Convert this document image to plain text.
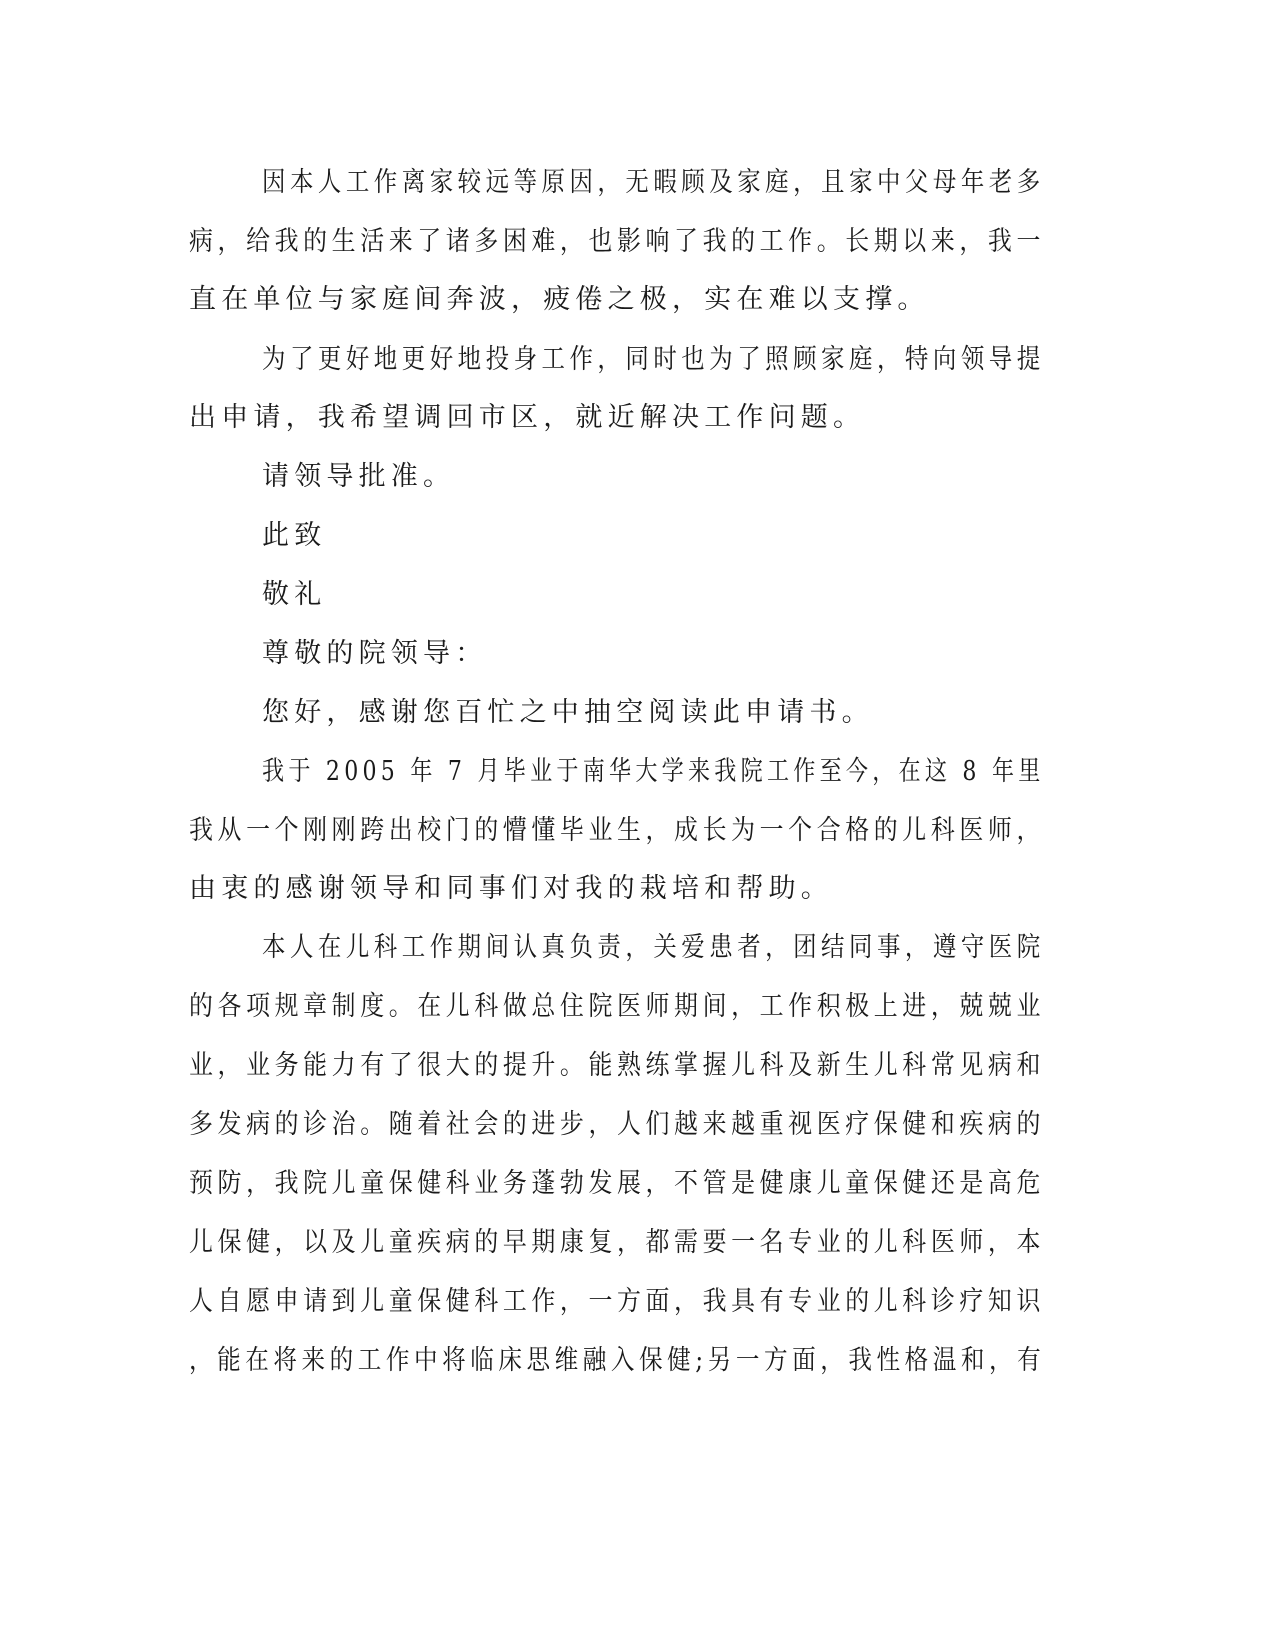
因本人工作离家较远等原因，无暇顾及家庭，且家中父母年老多
病，给我的生活来了诸多困难，也影响了我的工作。长期以来，我一
直在单位与家庭间奔波，疲倦之极，实在难以支撑。
为了更好地更好地投身工作，同时也为了照顾家庭，特向领导提
出申请，我希望调回市区，就近解决工作问题。
请领导批准。
此致
敬礼
尊敬的院领导：
您好，感谢您百忙之中抽空阅读此申请书。
我于 2005 年 7 月毕业于南华大学来我院工作至今，在这 8 年里
我从一个刚刚跨出校门的懵懂毕业生，成长为一个合格的儿科医师，
由衷的感谢领导和同事们对我的栽培和帮助。
本人在儿科工作期间认真负责，关爱患者，团结同事，遵守医院
的各项规章制度。在儿科做总住院医师期间，工作积极上进，兢兢业
业，业务能力有了很大的提升。能熟练掌握儿科及新生儿科常见病和
多发病的诊治。随着社会的进步，人们越来越重视医疗保健和疾病的
预防，我院儿童保健科业务蓬勃发展，不管是健康儿童保健还是高危
儿保健，以及儿童疾病的早期康复，都需要一名专业的儿科医师，本
人自愿申请到儿童保健科工作，一方面，我具有专业的儿科诊疗知识
，能在将来的工作中将临床思维融入保健;另一方面，我性格温和，有
